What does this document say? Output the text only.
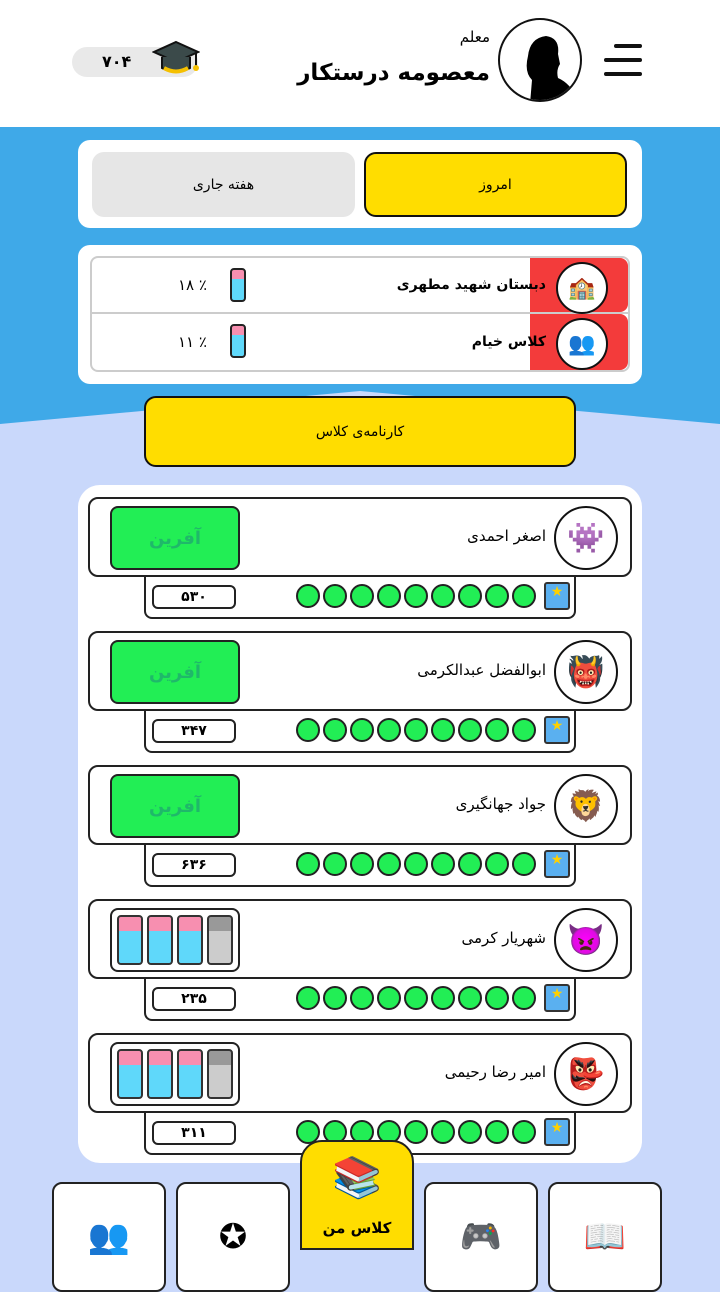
معلم
معصومه درستکار
۷۰۴
امروز
هفته جاری
🏫
دبستان شهید مطهری
۱۸ ٪
👥
کلاس خیام
۱۱ ٪
کارنامه‌ی کلاس
👾
اصغر احمدی
آفرین
۵۳۰	★
👹
ابوالفضل عبدالکرمی
آفرین
۳۴۷	★
🦁
جواد جهانگیری
آفرین
۶۳۶	★
👿
شهریار کرمی
۲۳۵	★
👺
امیر رضا رحیمی
۳۱۱	★
👥	✪
📚
کلاس من 🎮 📖
